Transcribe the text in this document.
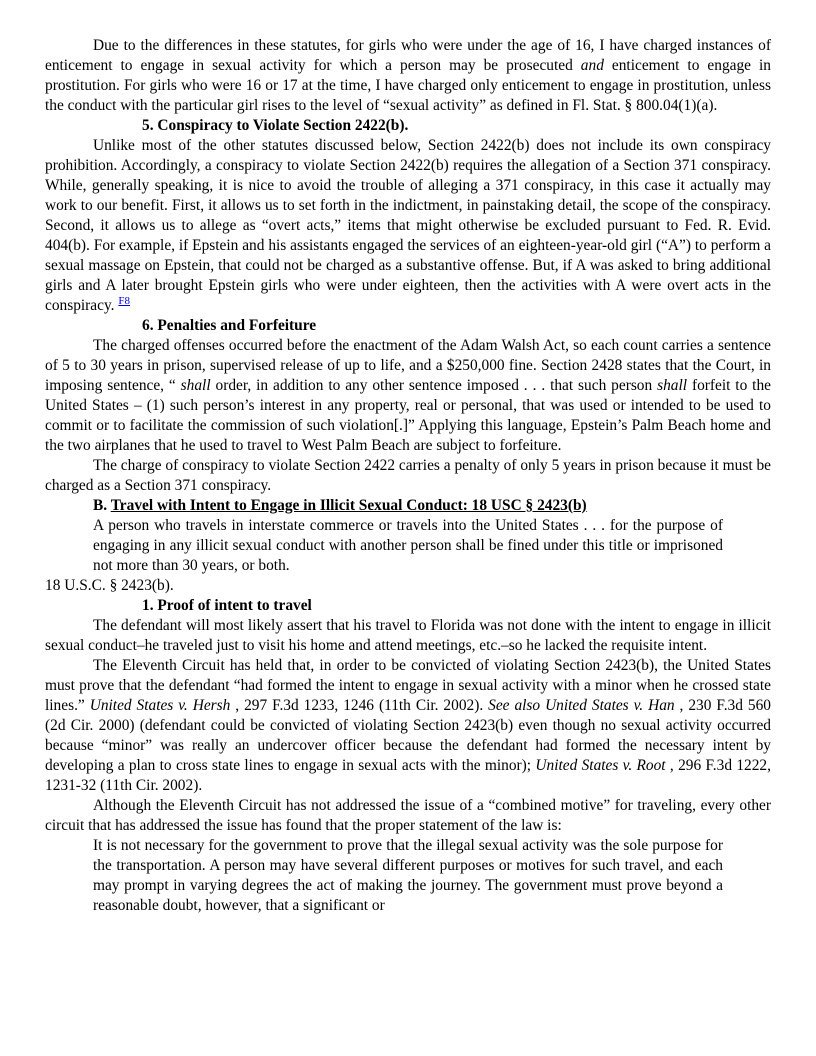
Due to the differences in these statutes, for girls who were under the age of 16, I have charged instances of enticement to engage in sexual activity for which a person may be prosecuted and enticement to engage in prostitution. For girls who were 16 or 17 at the time, I have charged only enticement to engage in prostitution, unless the conduct with the particular girl rises to the level of “sexual activity” as defined in Fl. Stat. § 800.04(1)(a).

5. Conspiracy to Violate Section 2422(b).

Unlike most of the other statutes discussed below, Section 2422(b) does not include its own conspiracy prohibition. Accordingly, a conspiracy to violate Section 2422(b) requires the allegation of a Section 371 conspiracy. While, generally speaking, it is nice to avoid the trouble of alleging a 371 conspiracy, in this case it actually may work to our benefit. First, it allows us to set forth in the indictment, in painstaking detail, the scope of the conspiracy. Second, it allows us to allege as “overt acts,” items that might otherwise be excluded pursuant to Fed. R. Evid. 404(b). For example, if Epstein and his assistants engaged the services of an eighteen-year-old girl (“A”) to perform a sexual massage on Epstein, that could not be charged as a substantive offense. But, if A was asked to bring additional girls and A later brought Epstein girls who were under eighteen, then the activities with A were overt acts in the conspiracy. $^{F8}$

6. Penalties and Forfeiture

The charged offenses occurred before the enactment of the Adam Walsh Act, so each count carries a sentence of 5 to 30 years in prison, supervised release of up to life, and a $250,000 fine. Section 2428 states that the Court, in imposing sentence, “ shall order, in addition to any other sentence imposed . . . that such person shall forfeit to the United States – (1) such person’s interest in any property, real or personal, that was used or intended to be used to commit or to facilitate the commission of such violation[.]” Applying this language, Epstein’s Palm Beach home and the two airplanes that he used to travel to West Palm Beach are subject to forfeiture.

The charge of conspiracy to violate Section 2422 carries a penalty of only 5 years in prison because it must be charged as a Section 371 conspiracy.

B. Travel with Intent to Engage in Illicit Sexual Conduct: 18 USC § 2423(b)

A person who travels in interstate commerce or travels into the United States . . . for the purpose of engaging in any illicit sexual conduct with another person shall be fined under this title or imprisoned not more than 30 years, or both.

18 U.S.C. § 2423(b).

1. Proof of intent to travel

The defendant will most likely assert that his travel to Florida was not done with the intent to engage in illicit sexual conduct–he traveled just to visit his home and attend meetings, etc.–so he lacked the requisite intent.

The Eleventh Circuit has held that, in order to be convicted of violating Section 2423(b), the United States must prove that the defendant “had formed the intent to engage in sexual activity with a minor when he crossed state lines.” United States v. Hersh , 297 F.3d 1233, 1246 (11th Cir. 2002). See also United States v. Han , 230 F.3d 560 (2d Cir. 2000) (defendant could be convicted of violating Section 2423(b) even though no sexual activity occurred because “minor” was really an undercover officer because the defendant had formed the necessary intent by developing a plan to cross state lines to engage in sexual acts with the minor); United States v. Root , 296 F.3d 1222, 1231-32 (11th Cir. 2002).

Although the Eleventh Circuit has not addressed the issue of a “combined motive” for traveling, every other circuit that has addressed the issue has found that the proper statement of the law is:

It is not necessary for the government to prove that the illegal sexual activity was the sole purpose for the transportation. A person may have several different purposes or motives for such travel, and each may prompt in varying degrees the act of making the journey. The government must prove beyond a reasonable doubt, however, that a significant or
